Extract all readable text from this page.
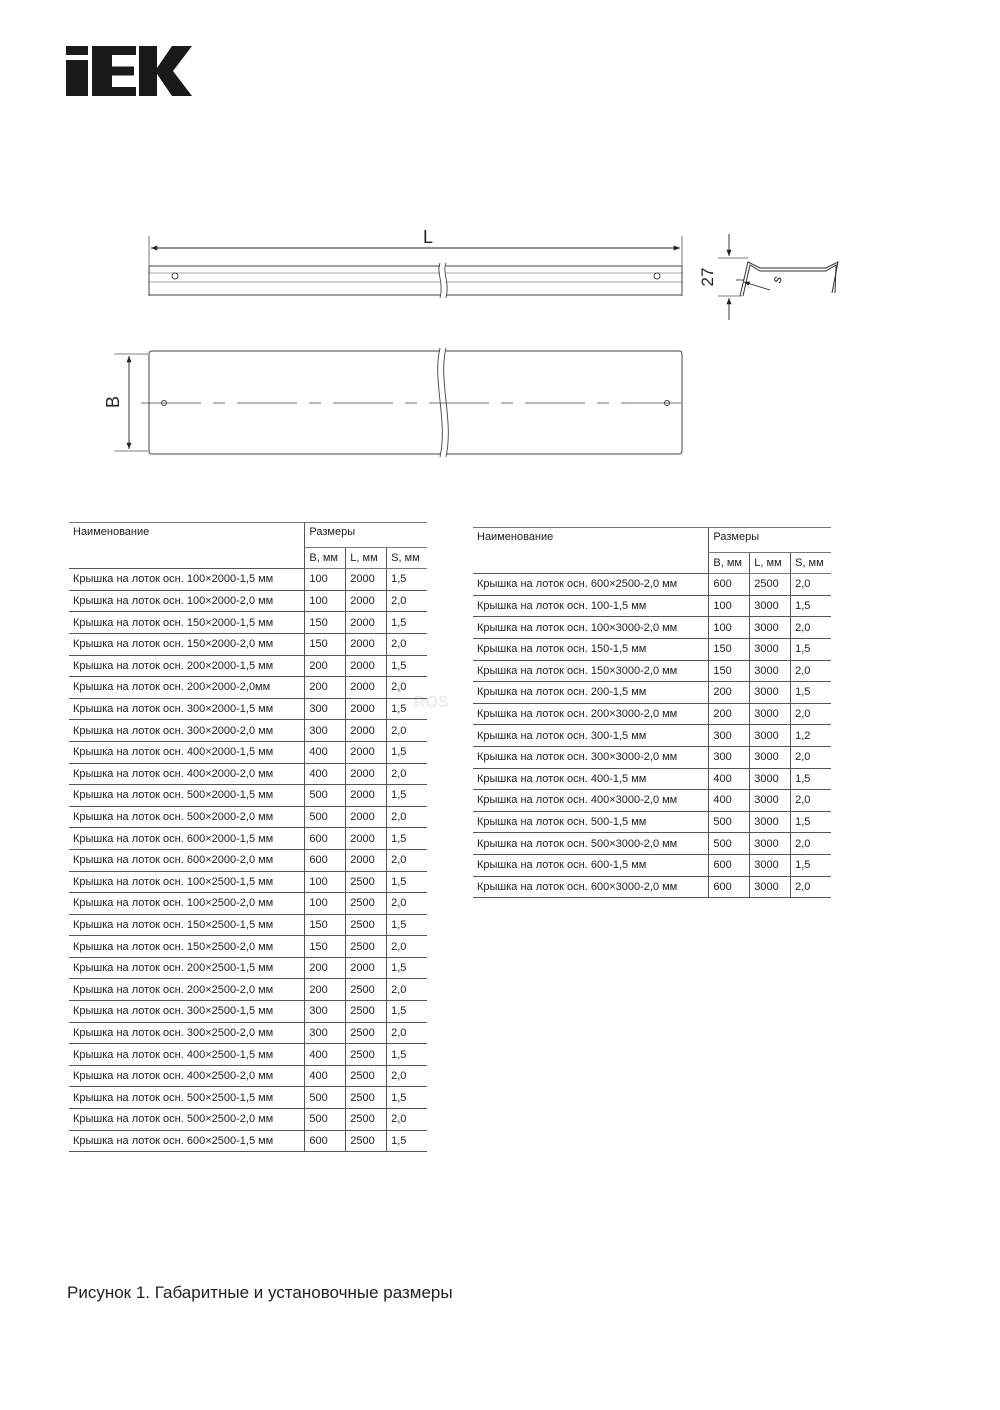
L
27	s
B
ROS
Наименование	Размеры		
	B, мм	L, мм	S, мм
Крышка на лоток осн. 100×2000-1,5 мм	100	2000	1,5
Крышка на лоток осн. 100×2000-2,0 мм	100	2000	2,0
Крышка на лоток осн. 150×2000-1,5 мм	150	2000	1,5
Крышка на лоток осн. 150×2000-2,0 мм	150	2000	2,0
Крышка на лоток осн. 200×2000-1,5 мм	200	2000	1,5
Крышка на лоток осн. 200×2000-2,0мм	200	2000	2,0
Крышка на лоток осн. 300×2000-1,5 мм	300	2000	1,5
Крышка на лоток осн. 300×2000-2,0 мм	300	2000	2,0
Крышка на лоток осн. 400×2000-1,5 мм	400	2000	1,5
Крышка на лоток осн. 400×2000-2,0 мм	400	2000	2,0
Крышка на лоток осн. 500×2000-1,5 мм	500	2000	1,5
Крышка на лоток осн. 500×2000-2,0 мм	500	2000	2,0
Крышка на лоток осн. 600×2000-1,5 мм	600	2000	1,5
Крышка на лоток осн. 600×2000-2,0 мм	600	2000	2,0
Крышка на лоток осн. 100×2500-1,5 мм	100	2500	1,5
Крышка на лоток осн. 100×2500-2,0 мм	100	2500	2,0
Крышка на лоток осн. 150×2500-1,5 мм	150	2500	1,5
Крышка на лоток осн. 150×2500-2,0 мм	150	2500	2,0
Крышка на лоток осн. 200×2500-1,5 мм	200	2000	1,5
Крышка на лоток осн. 200×2500-2,0 мм	200	2500	2,0
Крышка на лоток осн. 300×2500-1,5 мм	300	2500	1,5
Крышка на лоток осн. 300×2500-2,0 мм	300	2500	2,0
Крышка на лоток осн. 400×2500-1,5 мм	400	2500	1,5
Крышка на лоток осн. 400×2500-2,0 мм	400	2500	2,0
Крышка на лоток осн. 500×2500-1,5 мм	500	2500	1,5
Крышка на лоток осн. 500×2500-2,0 мм	500	2500	2,0
Крышка на лоток осн. 600×2500-1,5 мм	600	2500	1,5
Наименование	Размеры		
	B, мм	L, мм	S, мм
Крышка на лоток осн. 600×2500-2,0 мм	600	2500	2,0
Крышка на лоток осн. 100-1,5 мм	100	3000	1,5
Крышка на лоток осн. 100×3000-2,0 мм	100	3000	2,0
Крышка на лоток осн. 150-1,5 мм	150	3000	1,5
Крышка на лоток осн. 150×3000-2,0 мм	150	3000	2,0
Крышка на лоток осн. 200-1,5 мм	200	3000	1,5
Крышка на лоток осн. 200×3000-2,0 мм	200	3000	2,0
Крышка на лоток осн. 300-1,5 мм	300	3000	1,2
Крышка на лоток осн. 300×3000-2,0 мм	300	3000	2,0
Крышка на лоток осн. 400-1,5 мм	400	3000	1,5
Крышка на лоток осн. 400×3000-2,0 мм	400	3000	2,0
Крышка на лоток осн. 500-1,5 мм	500	3000	1,5
Крышка на лоток осн. 500×3000-2,0 мм	500	3000	2,0
Крышка на лоток осн. 600-1,5 мм	600	3000	1,5
Крышка на лоток осн. 600×3000-2,0 мм	600	3000	2,0
Рисунок 1. Габаритные и установочные размеры
